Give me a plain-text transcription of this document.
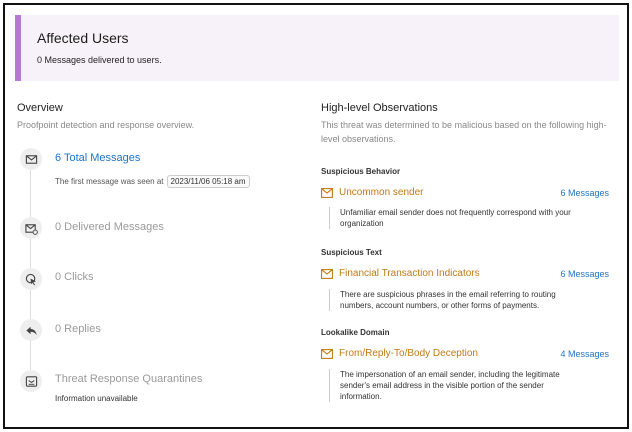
Affected Users
0 Messages delivered to users.
Overview
Proofpoint detection and response overview.
6 Total Messages
The first message was seen at 2023/11/06 05:18 am
0 Delivered Messages
0 Clicks
0 Replies
Threat Response Quarantines
Information unavailable
High-level Observations
This threat was determined to be malicious based on the following high-
level observations.
Suspicious Behavior
Uncommon sender	6 Messages
Unfamiliar email sender does not frequently correspond with your
organization
Suspicious Text
Financial Transaction Indicators	6 Messages
There are suspicious phrases in the email referring to routing
numbers, account numbers, or other forms of payments.
Lookalike Domain
From/Reply-To/Body Deception	4 Messages
The impersonation of an email sender, including the legitimate
sender's email address in the visible portion of the sender
information.
